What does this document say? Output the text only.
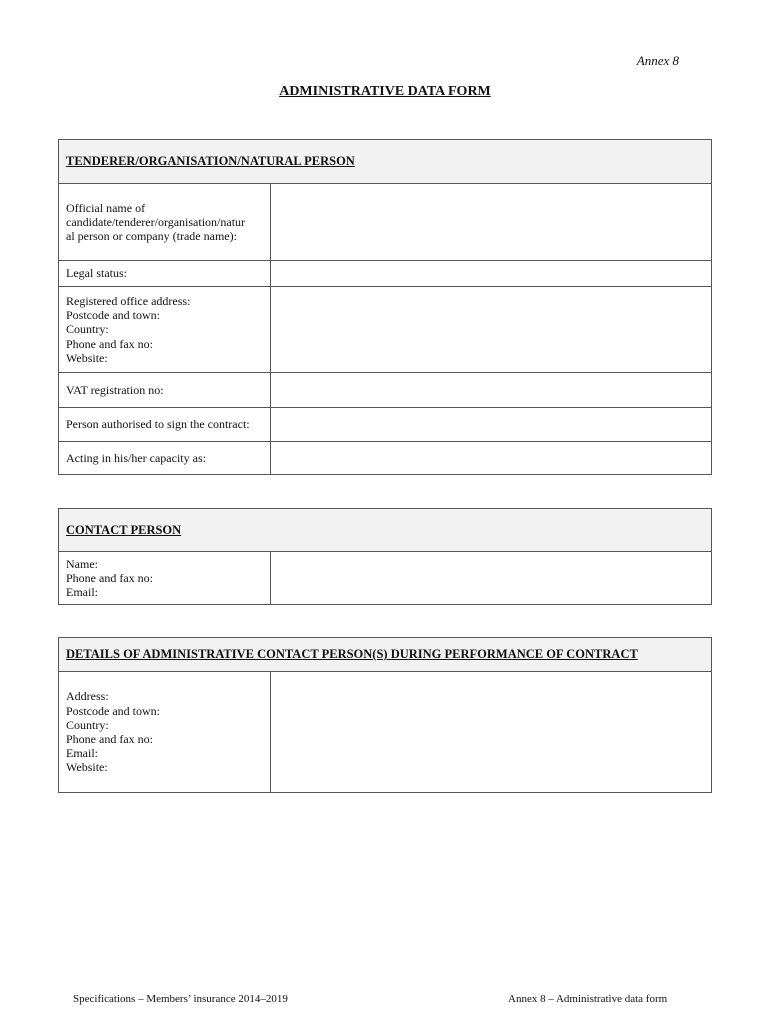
Annex 8
ADMINISTRATIVE DATA FORM
TENDERER/ORGANISATION/NATURAL PERSON
Official name of
candidate/tenderer/organisation/natur
al person or company (trade name):
Legal status:
Registered office address:
Postcode and town:
Country:
Phone and fax no:
Website:
VAT registration no:
Person authorised to sign the contract:
Acting in his/her capacity as:
CONTACT PERSON
Name:
Phone and fax no:
Email:
DETAILS OF ADMINISTRATIVE CONTACT PERSON(S) DURING PERFORMANCE OF CONTRACT
Address:
Postcode and town:
Country:
Phone and fax no:
Email:
Website:
Specifications – Members’ insurance 2014–2019	Annex 8 – Administrative data form
